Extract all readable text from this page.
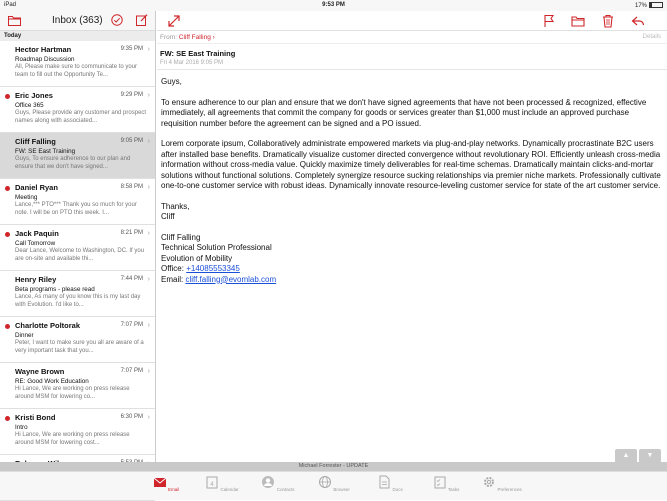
iPad	9:53 PM	17%
Inbox (363)
Today
Hector Hartman	9:35 PM ›
Roadmap Discussion
All, Please make sure to communicate to your team to fill out the Opportunity Te...
Eric Jones	9:29 PM ›
Office 365
Guys, Please provide any customer and prospect names along with associated...
Cliff Falling	9:05 PM ›
FW: SE East Training
Guys, To ensure adherence to our plan and ensure that we don't have signed...
Daniel Ryan	8:58 PM ›
Meeting
Lance,*** PTO*** Thank you so much for your note. I will be on PTO this week. I...
Jack Paquin	8:21 PM ›
Call Tomorrow
Dear Lance, Welcome to Washington, DC. If you are on-site and available thi...
Henry Riley	7:44 PM ›
Beta programs - please read
Lance, As many of you know this is my last day with Evolution. I'd like to...
Charlotte Poltorak	7:07 PM ›
Dinner
Peter, I want to make sure you all are aware of a very important task that you...
Wayne Brown	7:07 PM ›
RE: Good Work Education
Hi Lance, We are working on press release around MSM for lowering co...
Kristi Bond	6:30 PM ›
Intro
Hi Lance, We are working on press release around MSM for lowering cost...
From: Cliff Falling ›	Details
FW: SE East Training
Fri 4 Mar 2016 9:05 PM

Guys,

To ensure adherence to our plan and ensure that we don't have signed agreements that have not been processed & recognized, effective immediately, all agreements that commit the company for goods or services greater than $1,000 must include an approved purchase requisition number before the agreement can be signed and a PO issued.

Lorem corporate ipsum, Collaboratively administrate empowered markets via plug-and-play networks. Dynamically procrastinate B2C users after installed base benefits. Dramatically visualize customer directed convergence without revolutionary ROI. Efficiently unleash cross-media information without cross-media value. Quickly maximize timely deliverables for real-time schemas. Dramatically maintain clicks-and-mortar solutions without functional solutions. Completely synergize resource sucking relationships via premier niche markets. Professionally cultivate one-to-one customer service with robust ideas. Dynamically innovate resource-leveling customer service for state of the art customer service.

Thanks,
Cliff

Cliff Falling
Technical Solution Professional
Evolution of Mobility
Office: +14085553345
Email: cliff.falling@evomlab.com

▲	▼
Michael Forrester - UPDATE
Email
4
Calendar	Contacts	Browser	Docs	Tasks	Preferences
